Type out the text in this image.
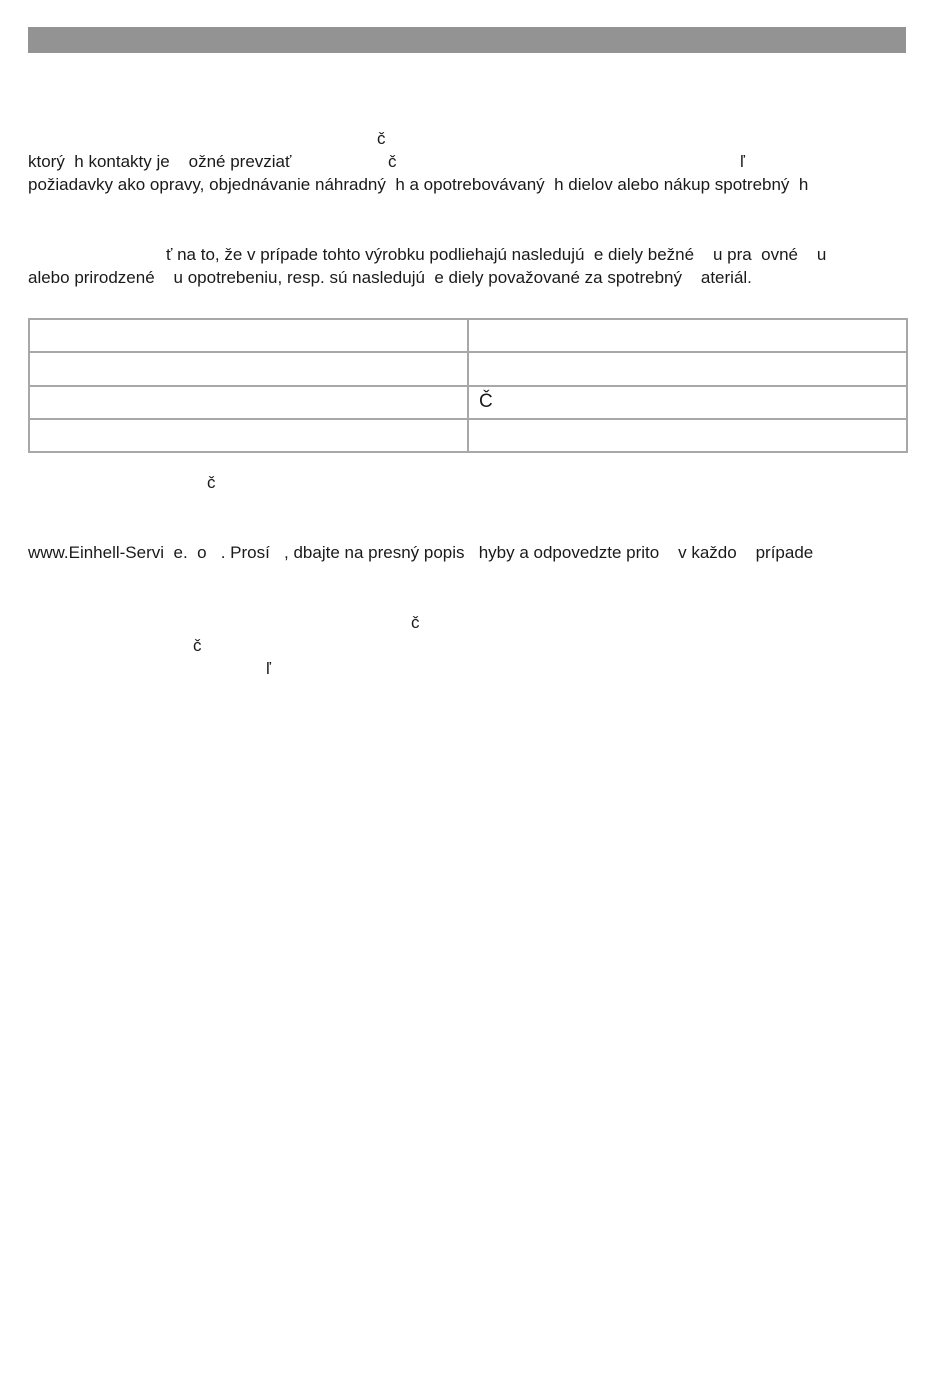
č
ktorý  h kontakty je    ožné prevziať	č	ľ
požiadavky ako opravy, objednávanie náhradný  h a opotrebovávaný  h dielov alebo nákup spotrebný  h
ť na to, že v prípade tohto výrobku podliehajú nasledujú  e diely bežné    u pra  ovné    u
alebo prirodzené    u opotrebeniu, resp. sú nasledujú  e diely považované za spotrebný    ateriál.

	Č

č
www.Einhell-Servi  e.  o   . Prosí   , dbajte na presný popis   hyby a odpovedzte prito    v každo    prípade
č
č
ľ
